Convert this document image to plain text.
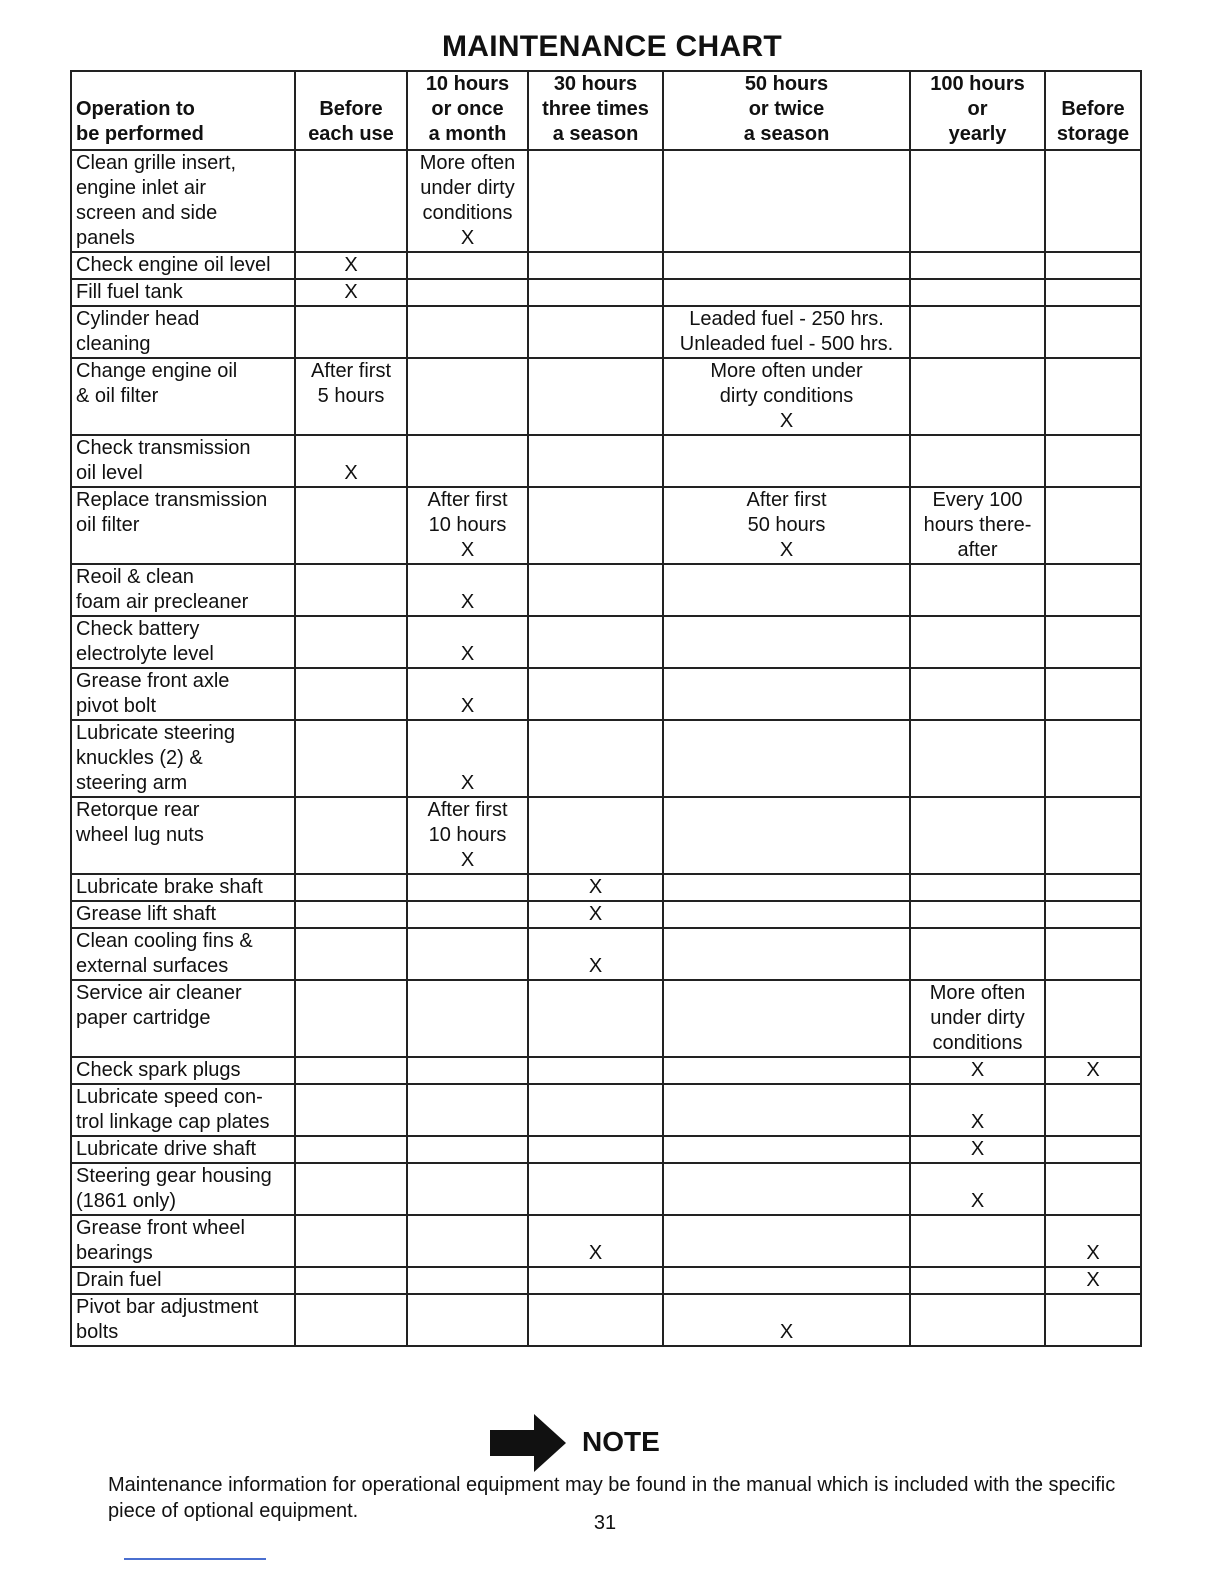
MAINTENANCE CHART
Operation to
be performed	Before
each use	10 hours
or once
a month	30 hours
three times
a season	50 hours
or twice
a season	100 hours
or
yearly	Before
storage

Clean grille insert,
engine inlet air
screen and side
panels		More often
under dirty
conditions
X				

Check engine oil level	X					

Fill fuel tank	X					

Cylinder head
cleaning				Leaded fuel - 250 hrs.
Unleaded fuel - 500 hrs.		

Change engine oil
& oil filter	After first
5 hours			More often under
dirty conditions
X		

Check transmission
oil level	X					

Replace transmission
oil filter		After first
10 hours
X		After first
50 hours
X	Every 100
hours there-
after	

Reoil & clean
foam air precleaner		X				

Check battery
electrolyte level		X				

Grease front axle
pivot bolt		X				

Lubricate steering
knuckles (2) &
steering arm		X				

Retorque rear
wheel lug nuts		After first
10 hours
X				

Lubricate brake shaft			X			

Grease lift shaft			X			

Clean cooling fins &
external surfaces			X			

Service air cleaner
paper cartridge					More often
under dirty
conditions	

Check spark plugs					X	X

Lubricate speed con-
trol linkage cap plates					X	

Lubricate drive shaft					X	

Steering gear housing
(1861 only)					X	

Grease front wheel
bearings			X			X

Drain fuel						X

Pivot bar adjustment
bolts				X		

NOTE
Maintenance information for operational equipment may be found in the manual which is included with the specific piece of optional equipment.
31
